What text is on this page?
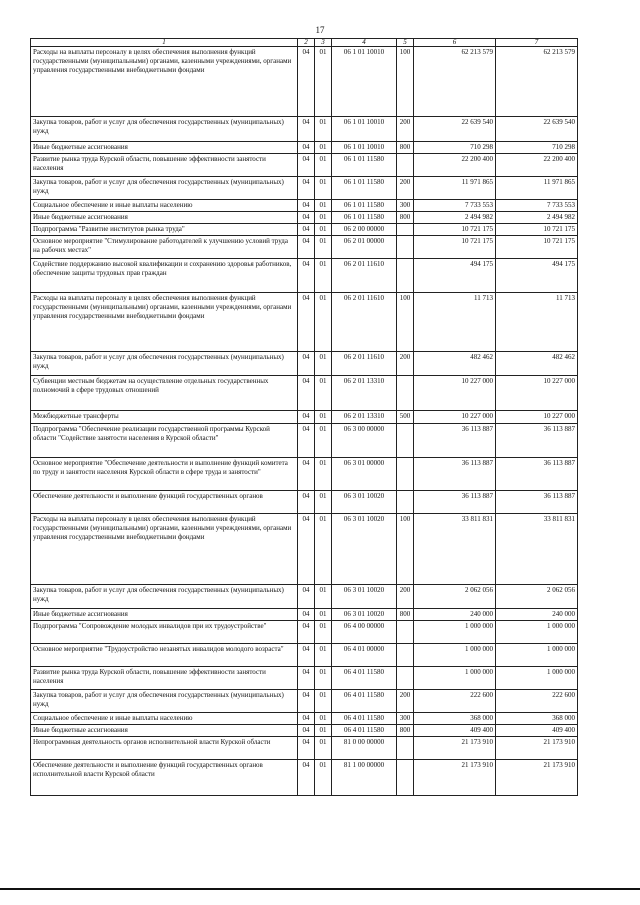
17
1	2	3	4	5	6	7
Расходы на выплаты персоналу в целях обеспечения выполнения функций государственными (муниципальными) органами, казенными учреждениями, органами управления государственными внебюджетными фондами	04	01	06 1 01 10010	100	62 213 579	62 213 579
Закупка товаров, работ и услуг для обеспечения государственных (муниципальных) нужд	04	01	06 1 01 10010	200	22 639 540	22 639 540
Иные бюджетные ассигнования	04	01	06 1 01 10010	800	710 298	710 298
Развитие рынка труда Курской области, повышение эффективности занятости населения	04	01	06 1 01 11580		22 200 400	22 200 400
Закупка товаров, работ и услуг для обеспечения государственных (муниципальных) нужд	04	01	06 1 01 11580	200	11 971 865	11 971 865
Социальное обеспечение и иные выплаты населению	04	01	06 1 01 11580	300	7 733 553	7 733 553
Иные бюджетные ассигнования	04	01	06 1 01 11580	800	2 494 982	2 494 982
Подпрограмма "Развитие институтов рынка труда"	04	01	06 2 00 00000		10 721 175	10 721 175
Основное мероприятие "Стимулирование работодателей к улучшению условий труда на рабочих местах"	04	01	06 2 01 00000		10 721 175	10 721 175
Содействие поддержанию высокой квалификации и сохранению здоровья работников, обеспечение защиты трудовых прав граждан	04	01	06 2 01 11610		494 175	494 175
Расходы на выплаты персоналу в целях обеспечения выполнения функций государственными (муниципальными) органами, казенными учреждениями, органами управления государственными внебюджетными фондами	04	01	06 2 01 11610	100	11 713	11 713
Закупка товаров, работ и услуг для обеспечения государственных (муниципальных) нужд	04	01	06 2 01 11610	200	482 462	482 462
Субвенции местным бюджетам на осуществление отдельных государственных полномочий в сфере трудовых отношений	04	01	06 2 01 13310		10 227 000	10 227 000
Межбюджетные трансферты	04	01	06 2 01 13310	500	10 227 000	10 227 000
Подпрограмма "Обеспечение реализации государственной программы Курской области "Содействие занятости населения в Курской области"	04	01	06 3 00 00000		36 113 887	36 113 887
Основное мероприятие "Обеспечение деятельности и выполнение функций комитета по труду и занятости населения Курской области в сфере труда и занятости"	04	01	06 3 01 00000		36 113 887	36 113 887
Обеспечение деятельности и выполнение функций государственных органов	04	01	06 3 01 10020		36 113 887	36 113 887
Расходы на выплаты персоналу в целях обеспечения выполнения функций государственными (муниципальными) органами, казенными учреждениями, органами управления государственными внебюджетными фондами	04	01	06 3 01 10020	100	33 811 831	33 811 831
Закупка товаров, работ и услуг для обеспечения государственных (муниципальных) нужд	04	01	06 3 01 10020	200	2 062 056	2 062 056
Иные бюджетные ассигнования	04	01	06 3 01 10020	800	240 000	240 000
Подпрограмма "Сопровождение молодых инвалидов при их трудоустройстве"	04	01	06 4 00 00000		1 000 000	1 000 000
Основное мероприятие "Трудоустройство незанятых инвалидов молодого возраста"	04	01	06 4 01 00000		1 000 000	1 000 000
Развитие рынка труда Курской области, повышение эффективности занятости населения	04	01	06 4 01 11580		1 000 000	1 000 000
Закупка товаров, работ и услуг для обеспечения государственных (муниципальных) нужд	04	01	06 4 01 11580	200	222 600	222 600
Социальное обеспечение и иные выплаты населению	04	01	06 4 01 11580	300	368 000	368 000
Иные бюджетные ассигнования	04	01	06 4 01 11580	800	409 400	409 400
Непрограммная деятельность органов исполнительной власти Курской области	04	01	81 0 00 00000		21 173 910	21 173 910
Обеспечение деятельности и выполнение функций государственных органов исполнительной власти Курской области	04	01	81 1 00 00000		21 173 910	21 173 910
